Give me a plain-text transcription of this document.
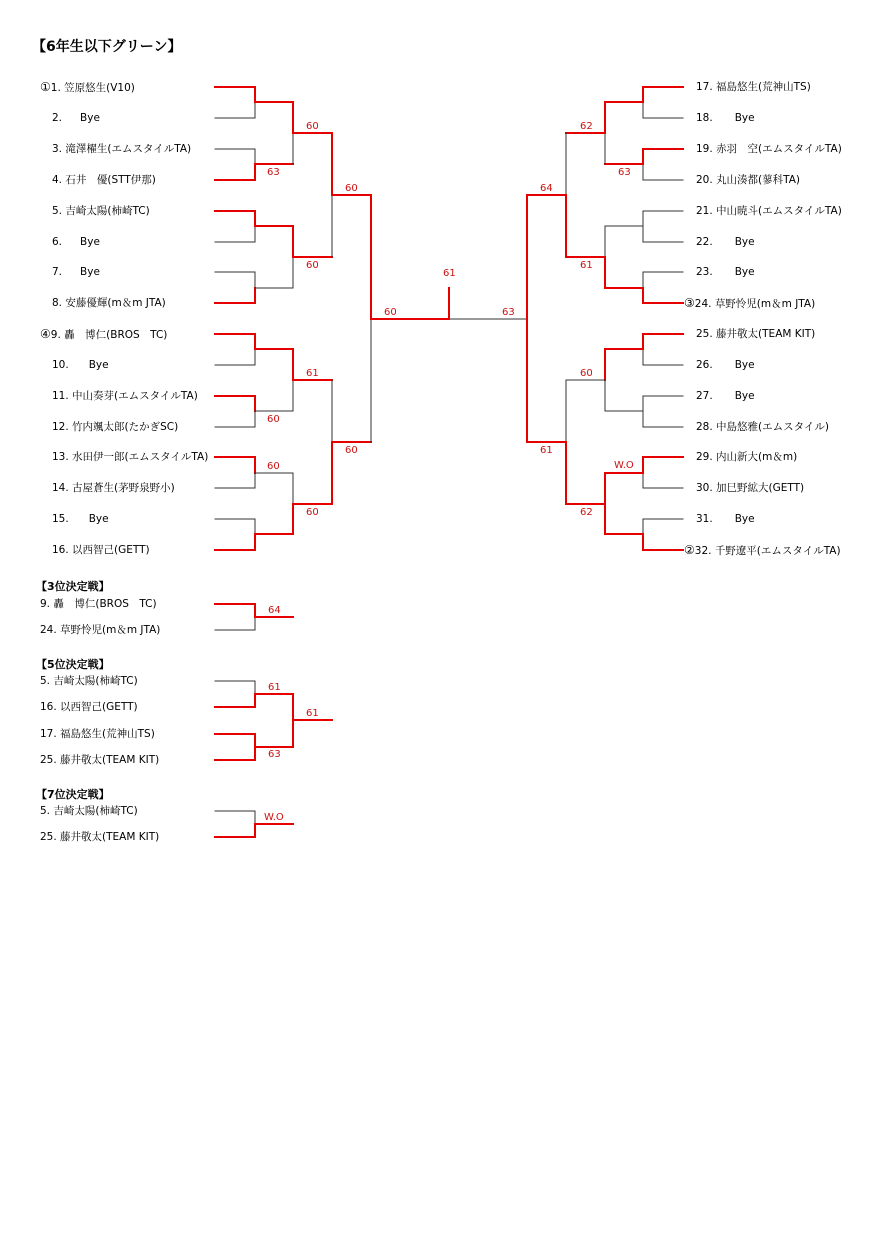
【6年生以下グリーン】
①1. 笠原悠生(V10)
2. Bye
3. 滝澤櫂生(エムスタイルTA)
4. 石井　優(STT伊那)
5. 吉崎太陽(柿崎TC)
6. Bye
7. Bye
8. 安藤優輝(m＆m JTA)
④9. 轟　博仁(BROS　TC)
10. Bye
11. 中山奏芽(エムスタイルTA)
12. 竹内颯太郎(たかぎSC)
13. 水田伊一郎(エムスタイルTA)
14. 古屋蒼生(茅野泉野小)
15. Bye
16. 以西智己(GETT)
17. 福島悠生(荒神山TS)
18. Bye
19. 赤羽　空(エムスタイルTA)
20. 丸山湊都(蓼科TA)
21. 中山暁斗(エムスタイルTA)
22. Bye
23. Bye
③24. 草野怜児(m＆m JTA)
25. 藤井敬太(TEAM KIT)
26. Bye
27. Bye
28. 中島悠雅(エムスタイル)
29. 内山新大(m＆m)
30. 加巳野絋大(GETT)
31. Bye
②32. 千野遼平(エムスタイルTA)
63
60
60
61
60
60
60
60
60
60
61
62
63
61
60
W.O
62
64
61
63
【3位決定戦】
9. 轟　博仁(BROS　TC)
24. 草野怜児(m＆m JTA)
64
【5位決定戦】
5. 吉崎太陽(柿崎TC)
16. 以西智己(GETT)
17. 福島悠生(荒神山TS)
25. 藤井敬太(TEAM KIT)
61
63
61
【7位決定戦】
5. 吉崎太陽(柿崎TC)
25. 藤井敬太(TEAM KIT)
W.O
